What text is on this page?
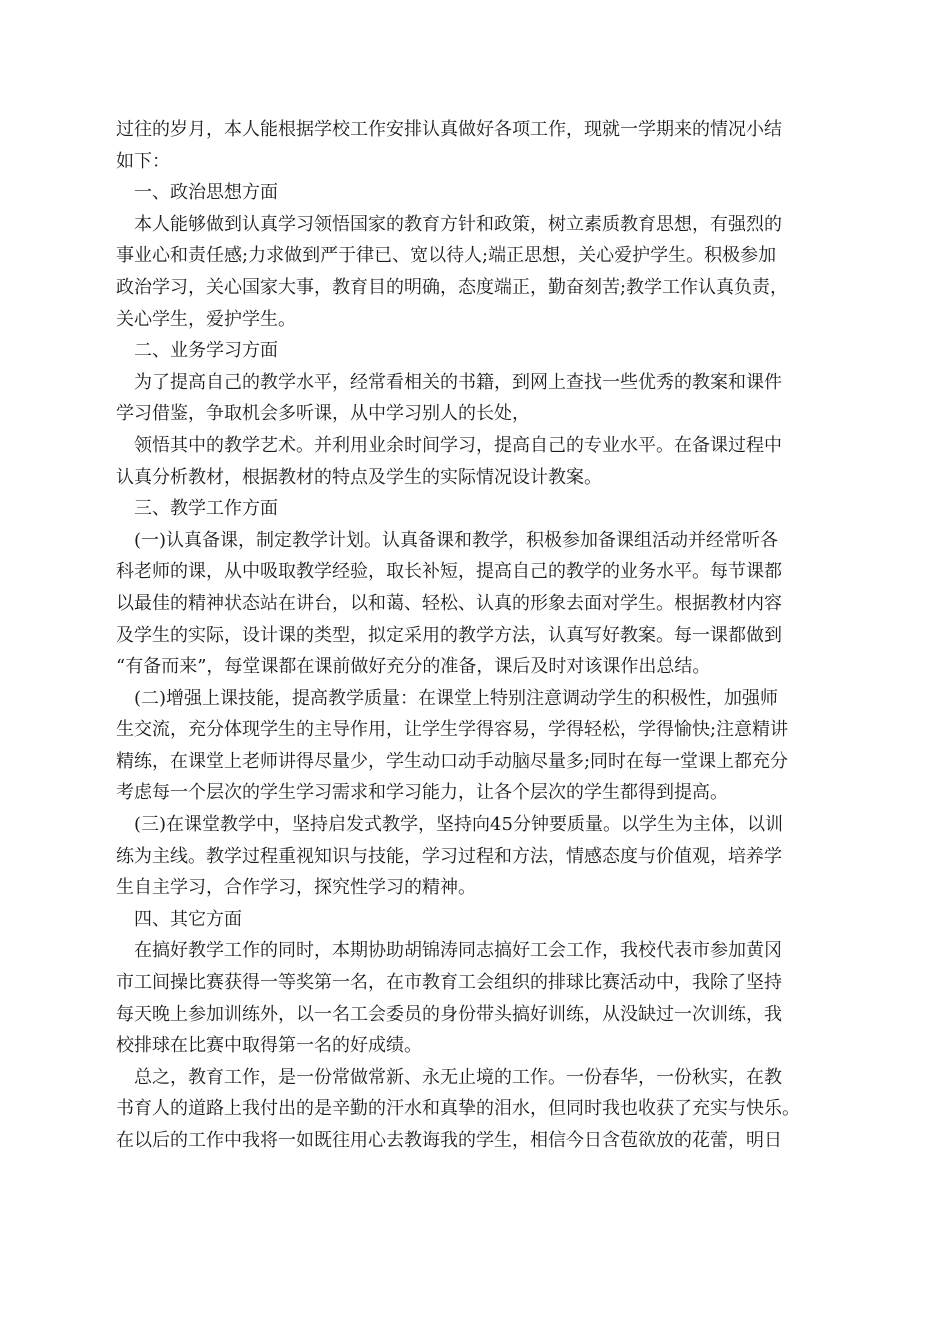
过往的岁月，本人能根据学校工作安排认真做好各项工作，现就一学期来的情况小结
如下：
一、政治思想方面
本人能够做到认真学习领悟国家的教育方针和政策，树立素质教育思想，有强烈的
事业心和责任感;力求做到严于律已、宽以待人;端正思想，关心爱护学生。积极参加
政治学习，关心国家大事，教育目的明确，态度端正，勤奋刻苦;教学工作认真负责，
关心学生，爱护学生。
二、业务学习方面
为了提高自己的教学水平，经常看相关的书籍，到网上查找一些优秀的教案和课件
学习借鉴，争取机会多听课，从中学习别人的长处，
领悟其中的教学艺术。并利用业余时间学习，提高自己的专业水平。在备课过程中
认真分析教材，根据教材的特点及学生的实际情况设计教案。
三、教学工作方面
(一)认真备课，制定教学计划。认真备课和教学，积极参加备课组活动并经常听各
科老师的课，从中吸取教学经验，取长补短，提高自己的教学的业务水平。每节课都
以最佳的精神状态站在讲台，以和蔼、轻松、认真的形象去面对学生。根据教材内容
及学生的实际，设计课的类型，拟定采用的教学方法，认真写好教案。每一课都做到
“有备而来”，每堂课都在课前做好充分的准备，课后及时对该课作出总结。
(二)增强上课技能，提高教学质量：在课堂上特别注意调动学生的积极性，加强师
生交流，充分体现学生的主导作用，让学生学得容易，学得轻松，学得愉快;注意精讲
精练，在课堂上老师讲得尽量少，学生动口动手动脑尽量多;同时在每一堂课上都充分
考虑每一个层次的学生学习需求和学习能力，让各个层次的学生都得到提高。
(三)在课堂教学中，坚持启发式教学，坚持向45分钟要质量。以学生为主体，以训
练为主线。教学过程重视知识与技能，学习过程和方法，情感态度与价值观，培养学
生自主学习，合作学习，探究性学习的精神。
四、其它方面
在搞好教学工作的同时，本期协助胡锦涛同志搞好工会工作，我校代表市参加黄冈
市工间操比赛获得一等奖第一名，在市教育工会组织的排球比赛活动中，我除了坚持
每天晚上参加训练外，以一名工会委员的身份带头搞好训练，从没缺过一次训练，我
校排球在比赛中取得第一名的好成绩。
总之，教育工作，是一份常做常新、永无止境的工作。一份春华，一份秋实，在教
书育人的道路上我付出的是辛勤的汗水和真挚的泪水，但同时我也收获了充实与快乐。
在以后的工作中我将一如既往用心去教诲我的学生，相信今日含苞欲放的花蕾，明日
